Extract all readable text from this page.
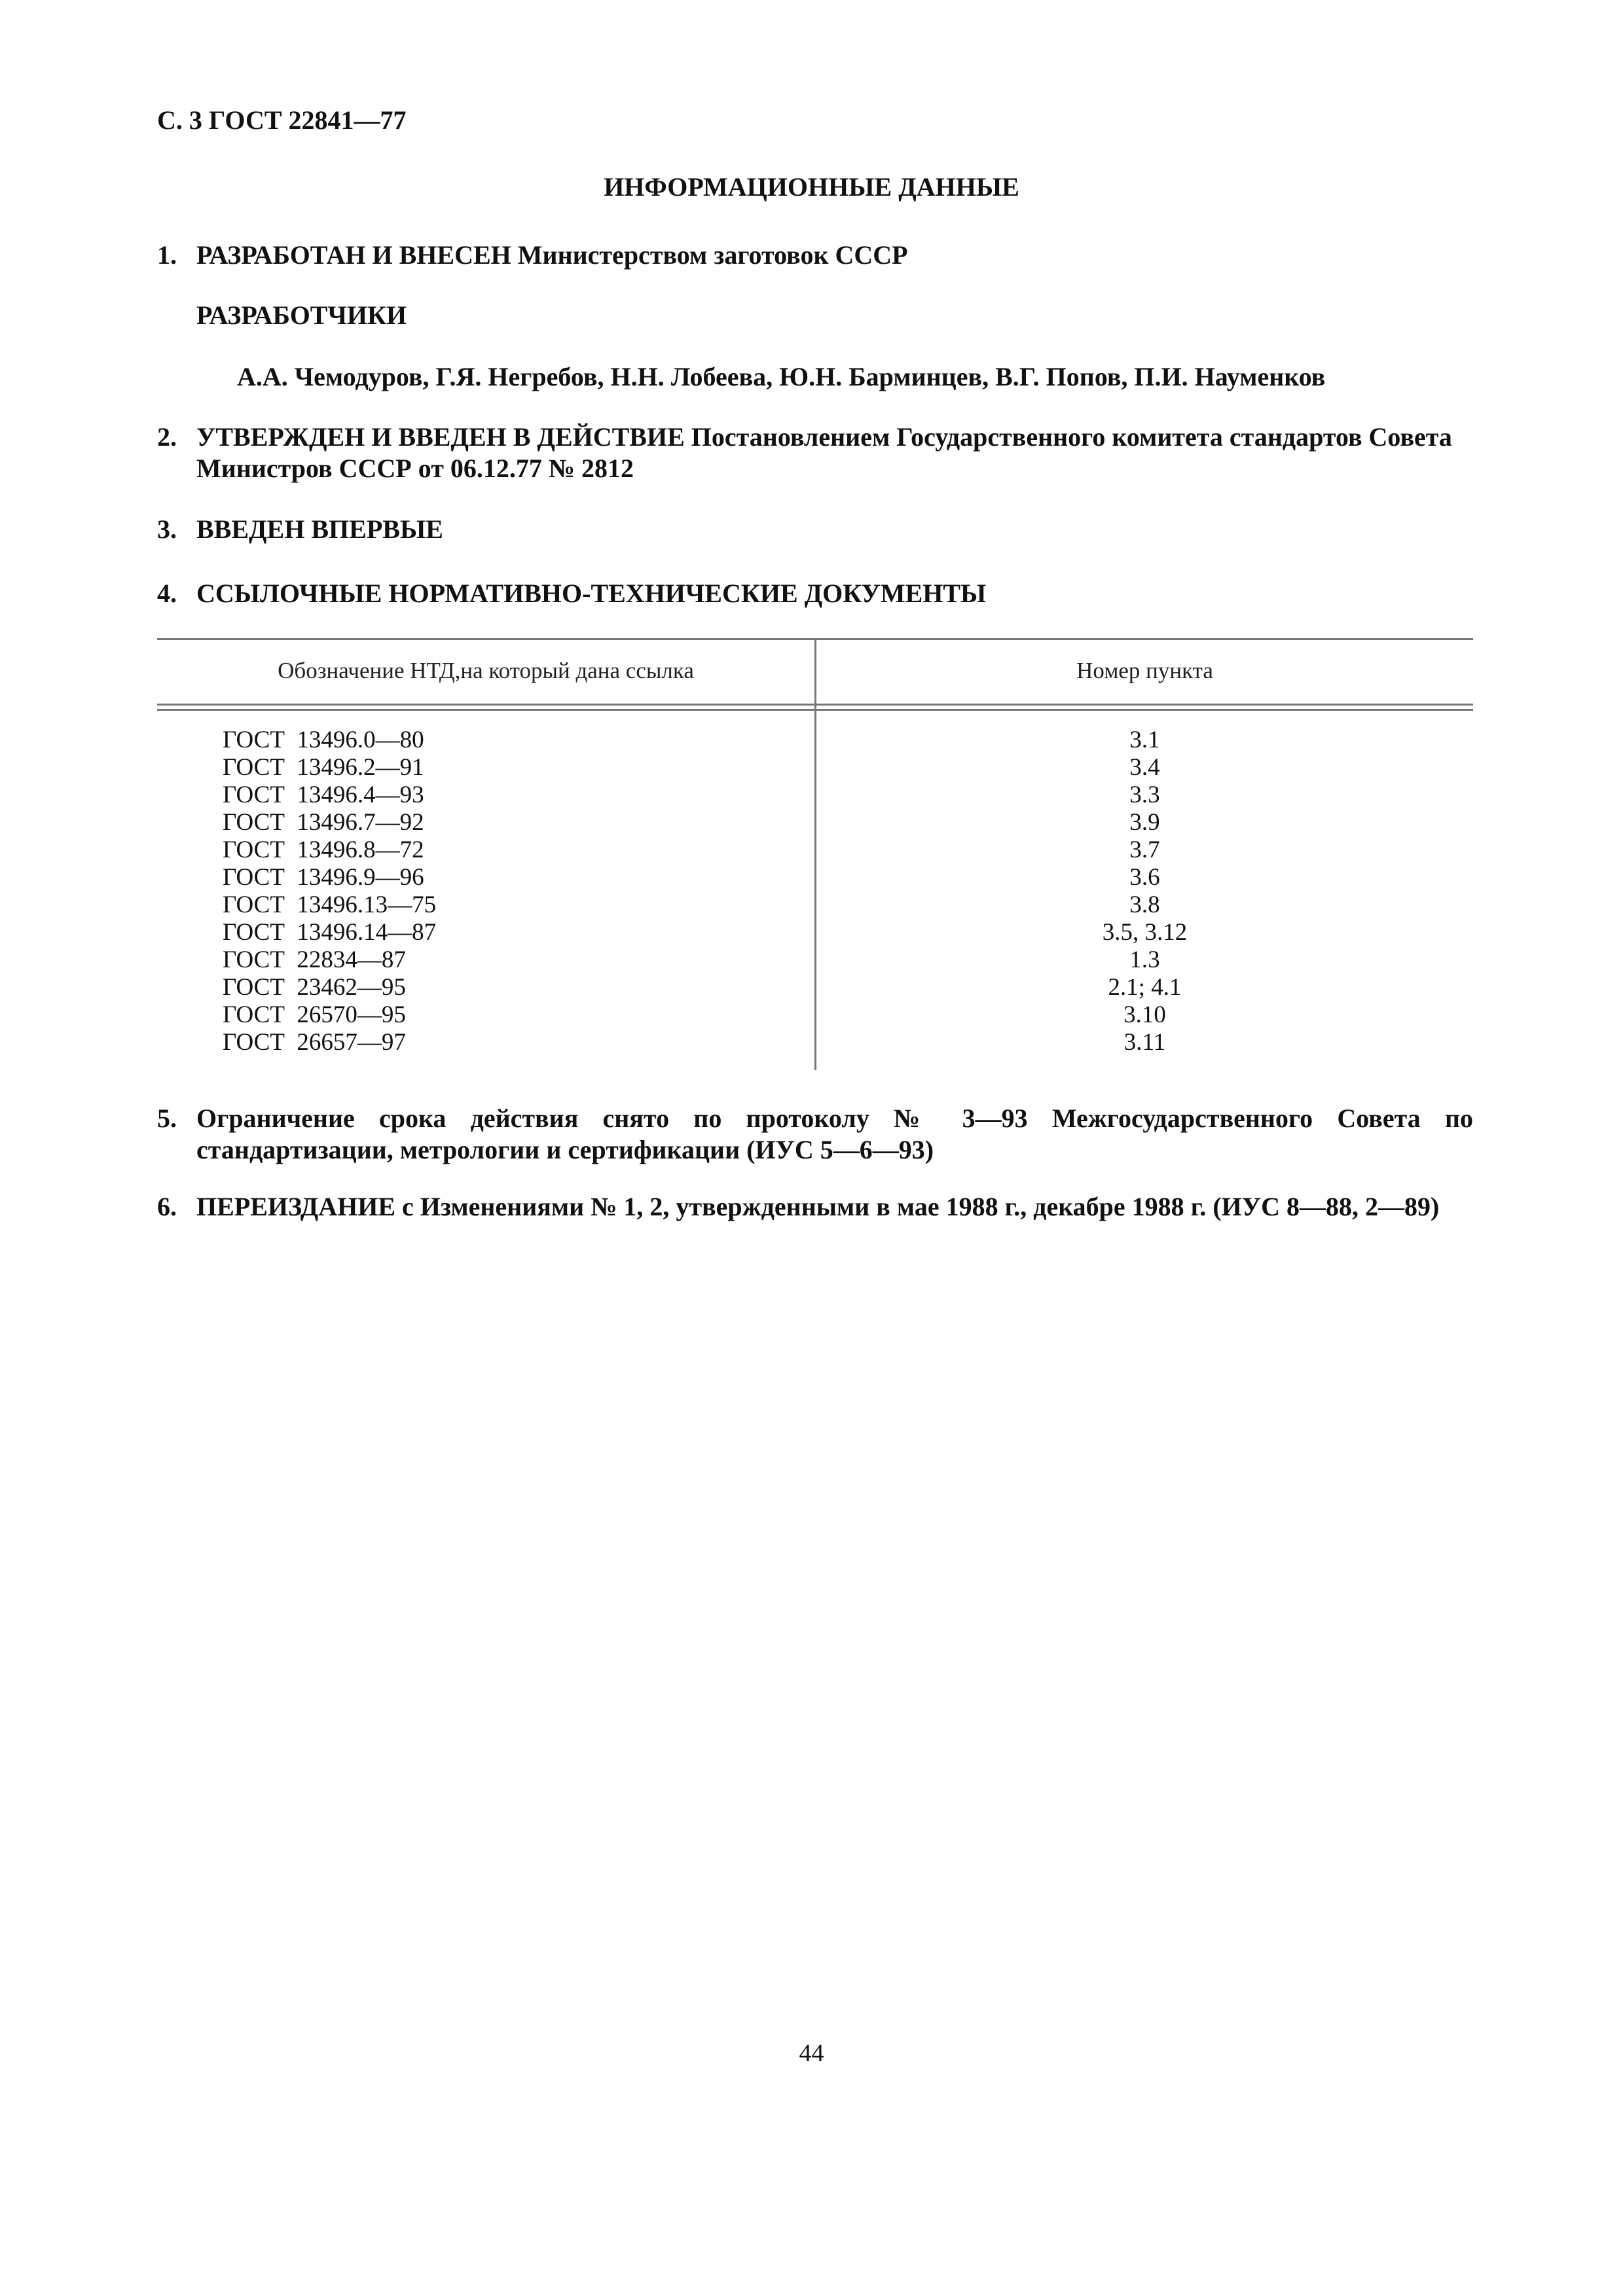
С. 3 ГОСТ 22841—77
ИНФОРМАЦИОННЫЕ ДАННЫЕ
1. РАЗРАБОТАН И ВНЕСЕН Министерством заготовок СССР
РАЗРАБОТЧИКИ
А.А. Чемодуров, Г.Я. Негребов, Н.Н. Лобеева, Ю.Н. Барминцев, В.Г. Попов, П.И. Науменков
2. УТВЕРЖДЕН И ВВЕДЕН В ДЕЙСТВИЕ Постановлением Государственного комитета стандартов Совета Министров СССР от 06.12.77 № 2812
3. ВВЕДЕН ВПЕРВЫЕ
4. ССЫЛОЧНЫЕ НОРМАТИВНО-ТЕХНИЧЕСКИЕ ДОКУМЕНТЫ
Обозначение НТД,на который дана ссылка	Номер пункта
ГОСТ  13496.0—80
ГОСТ  13496.2—91
ГОСТ  13496.4—93
ГОСТ  13496.7—92
ГОСТ  13496.8—72
ГОСТ  13496.9—96
ГОСТ  13496.13—75
ГОСТ  13496.14—87
ГОСТ  22834—87
ГОСТ  23462—95
ГОСТ  26570—95
ГОСТ  26657—97
3.1
3.4
3.3
3.9
3.7
3.6
3.8
3.5, 3.12
1.3
2.1; 4.1
3.10
3.11
5. Ограничение срока действия снято по протоколу № 3—93 Межгосударственного Совета по стандартизации, метрологии и сертификации (ИУС 5—6—93)
6. ПЕРЕИЗДАНИЕ с Изменениями № 1, 2, утвержденными в мае 1988 г., декабре 1988 г. (ИУС 8—88, 2—89)
44
